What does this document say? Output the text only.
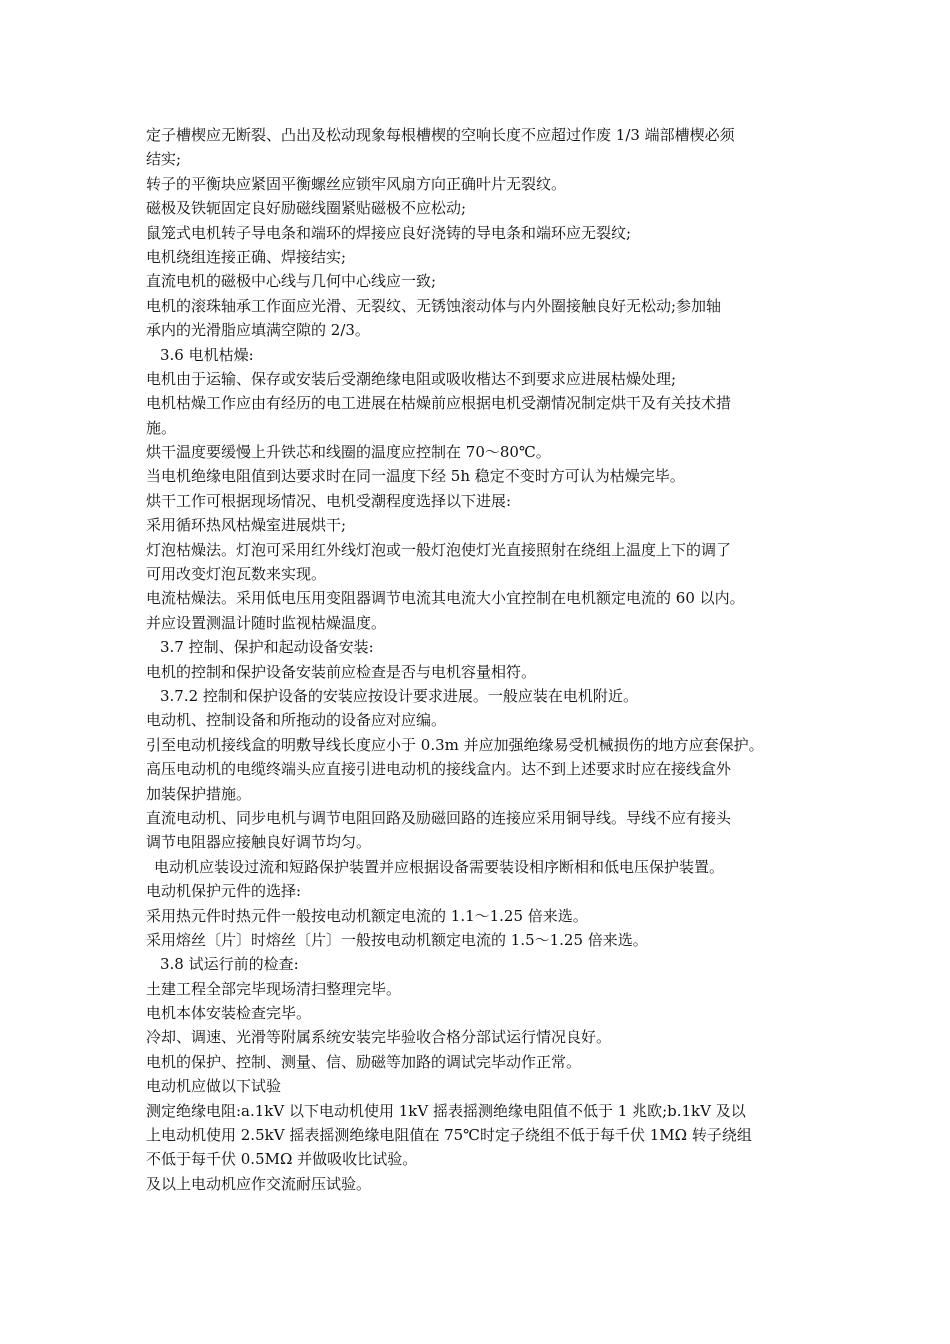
定子槽楔应无断裂、凸出及松动现象每根槽楔的空响长度不应超过作废 1/3 端部槽楔必须
结实;
转子的平衡块应紧固平衡螺丝应锁牢风扇方向正确叶片无裂纹。
磁极及铁轭固定良好励磁线圈紧贴磁极不应松动;
鼠笼式电机转子导电条和端环的焊接应良好浇铸的导电条和端环应无裂纹;
电机绕组连接正确、焊接结实;
直流电机的磁极中心线与几何中心线应一致;
电机的滚珠轴承工作面应光滑、无裂纹、无锈蚀滚动体与内外圈接触良好无松动;参加轴
承内的光滑脂应填满空隙的 2/3。
3.6 电机枯燥:
电机由于运输、保存或安装后受潮绝缘电阻或吸收楷达不到要求应进展枯燥处理;
电机枯燥工作应由有经历的电工进展在枯燥前应根据电机受潮情况制定烘干及有关技术措
施。
烘干温度要缓慢上升铁芯和线圈的温度应控制在 70～80℃。
当电机绝缘电阻值到达要求时在同一温度下经 5h 稳定不变时方可认为枯燥完毕。
烘干工作可根据现场情况、电机受潮程度选择以下进展:
采用循环热风枯燥室进展烘干;
灯泡枯燥法。灯泡可采用红外线灯泡或一般灯泡使灯光直接照射在绕组上温度上下的调了
可用改变灯泡瓦数来实现。
电流枯燥法。采用低电压用变阻器调节电流其电流大小宜控制在电机额定电流的 60 以内。
并应设置测温计随时监视枯燥温度。
3.7 控制、保护和起动设备安装:
电机的控制和保护设备安装前应检查是否与电机容量相符。
3.7.2 控制和保护设备的安装应按设计要求进展。一般应装在电机附近。
电动机、控制设备和所拖动的设备应对应编。
引至电动机接线盒的明敷导线长度应小于 0.3m 并应加强绝缘易受机械损伤的地方应套保护。
高压电动机的电缆终端头应直接引进电动机的接线盒内。达不到上述要求时应在接线盒外
加装保护措施。
直流电动机、同步电机与调节电阻回路及励磁回路的连接应采用铜导线。导线不应有接头
调节电阻器应接触良好调节均匀。
电动机应装设过流和短路保护装置并应根据设备需要装设相序断相和低电压保护装置。
电动机保护元件的选择:
采用热元件时热元件一般按电动机额定电流的 1.1～1.25 倍来选。
采用熔丝〔片〕时熔丝〔片〕一般按电动机额定电流的 1.5～1.25 倍来选。
3.8 试运行前的检查:
土建工程全部完毕现场清扫整理完毕。
电机本体安装检查完毕。
冷却、调速、光滑等附属系统安装完毕验收合格分部试运行情况良好。
电机的保护、控制、测量、信、励磁等加路的调试完毕动作正常。
电动机应做以下试验
测定绝缘电阻:a.1kV 以下电动机使用 1kV 摇表摇测绝缘电阻值不低于 1 兆欧;b.1kV 及以
上电动机使用 2.5kV 摇表摇测绝缘电阻值在 75℃时定子绕组不低于每千伏 1MΩ 转子绕组
不低于每千伏 0.5MΩ 并做吸收比试验。
及以上电动机应作交流耐压试验。
